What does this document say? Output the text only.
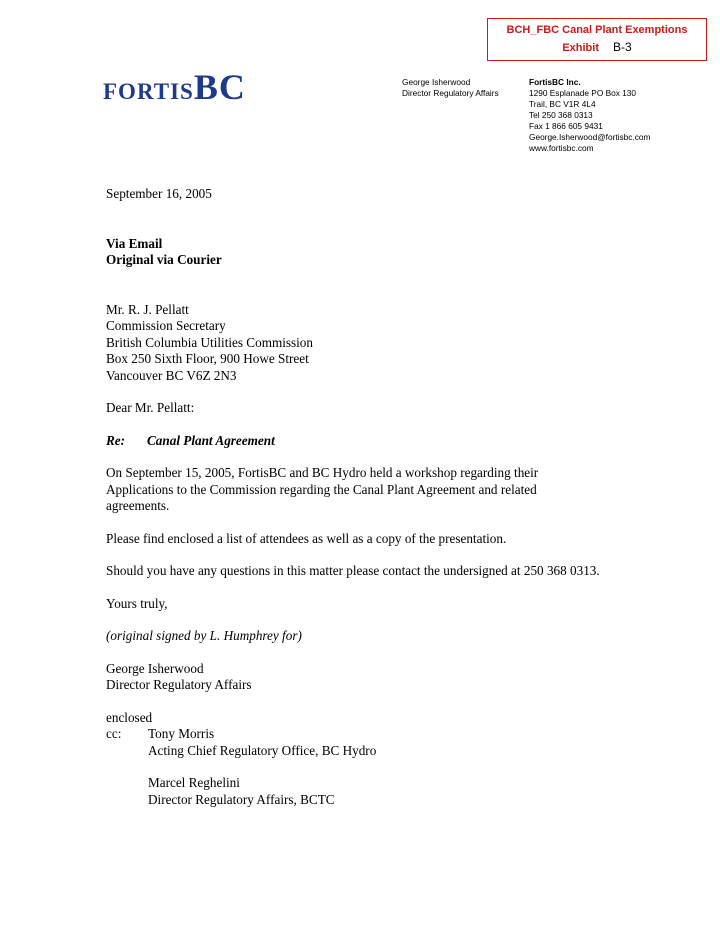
BCH_FBC Canal Plant Exemptions
Exhibit B-3
FORTISBC	George Isherwood
Director Regulatory Affairs
FortisBC Inc.
1290 Esplanade PO Box 130
Trail, BC V1R 4L4
Tel 250 368 0313
Fax 1 866 605 9431
George.Isherwood@fortisbc.com
www.fortisbc.com

September 16, 2005

Via Email

Original via Courier

Mr. R. J. Pellatt

Commission Secretary

British Columbia Utilities Commission

Box 250 Sixth Floor, 900 Howe Street

Vancouver BC V6Z 2N3

Dear Mr. Pellatt:

Re: Canal Plant Agreement

On September 15, 2005, FortisBC and BC Hydro held a workshop regarding their

Applications to the Commission regarding the Canal Plant Agreement and related

agreements.

Please find enclosed a list of attendees as well as a copy of the presentation.

Should you have any questions in this matter please contact the undersigned at 250 368 0313.

Yours truly,

(original signed by L. Humphrey for)

George Isherwood

Director Regulatory Affairs

enclosed

cc:	Tony Morris

Acting Chief Regulatory Office, BC Hydro

Marcel Reghelini

Director Regulatory Affairs, BCTC
